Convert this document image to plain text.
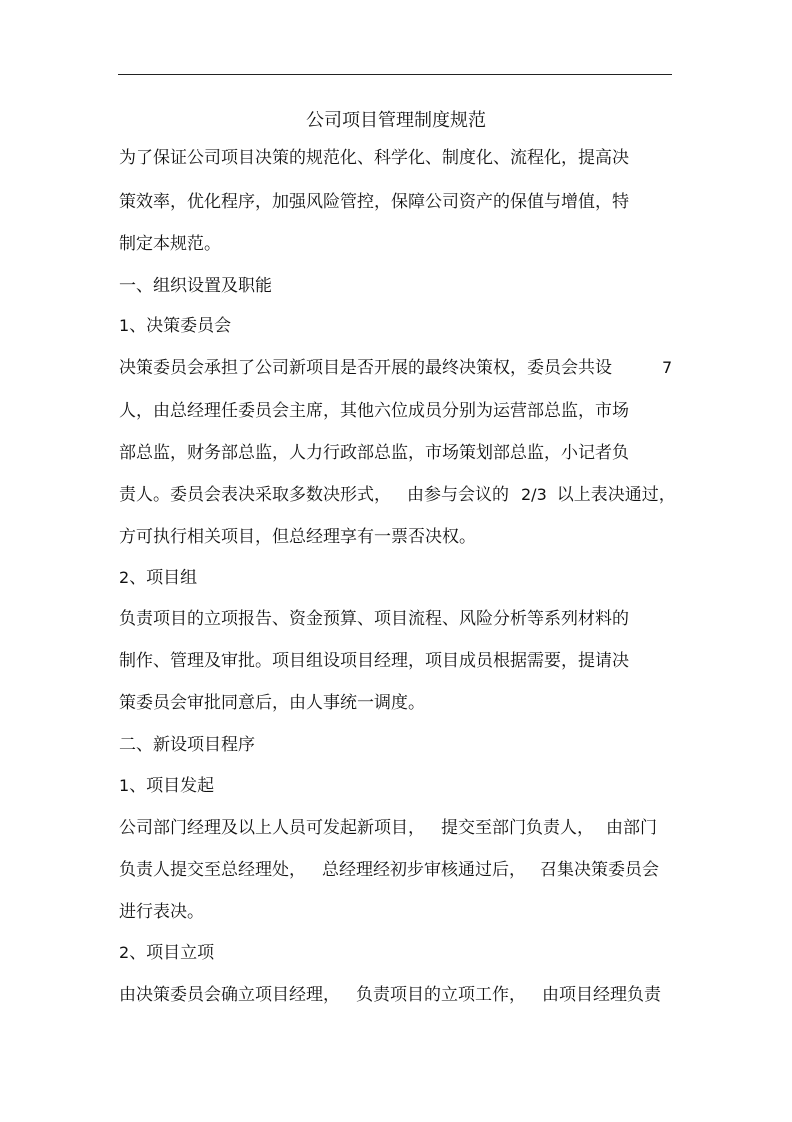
公司项目管理制度规范
为了保证公司项目决策的规范化、科学化、制度化、流程化，提高决
策效率，优化程序，加强风险管控，保障公司资产的保值与增值，特
制定本规范。
一、组织设置及职能
1、决策委员会
决策委员会承担了公司新项目是否开展的最终决策权，委员会共设	7
人，由总经理任委员会主席，其他六位成员分别为运营部总监，市场
部总监，财务部总监，人力行政部总监，市场策划部总监，小记者负
责人。委员会表决采取多数决形式， 由参与会议的 2/3 以上表决通过，
方可执行相关项目，但总经理享有一票否决权。
2、项目组
负责项目的立项报告、资金预算、项目流程、风险分析等系列材料的
制作、管理及审批。项目组设项目经理，项目成员根据需要，提请决
策委员会审批同意后，由人事统一调度。
二、新设项目程序
1、项目发起
公司部门经理及以上人员可发起新项目， 提交至部门负责人， 由部门
负责人提交至总经理处， 总经理经初步审核通过后， 召集决策委员会
进行表决。
2、项目立项
由决策委员会确立项目经理， 负责项目的立项工作， 由项目经理负责
